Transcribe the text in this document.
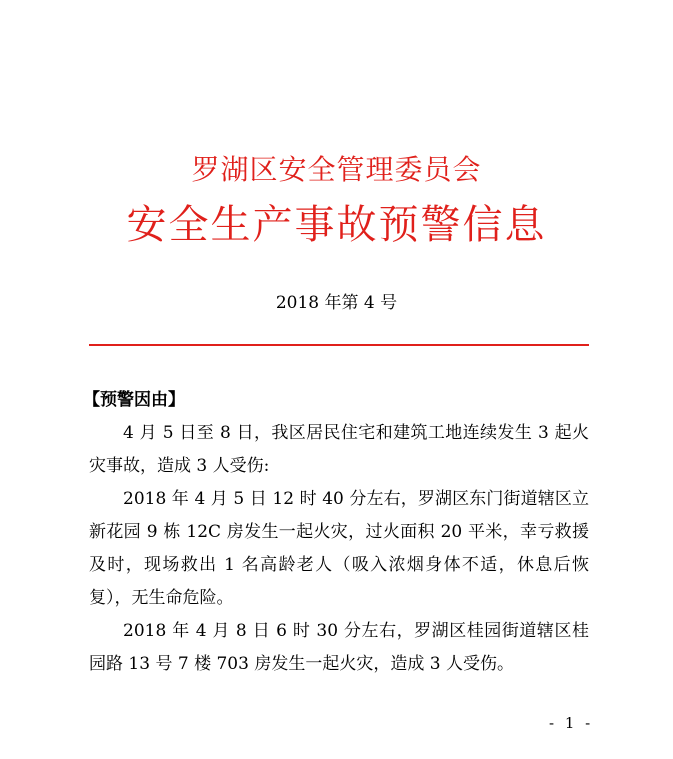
罗湖区安全管理委员会
安全生产事故预警信息
2018 年第 4 号

【预警因由】

4 月 5 日至 8 日，我区居民住宅和建筑工地连续发生 3 起火灾事故，造成 3 人受伤:

2018 年 4 月 5 日 12 时 40 分左右，罗湖区东门街道辖区立新花园 9 栋 12C 房发生一起火灾，过火面积 20 平米，幸亏救援及时，现场救出 1 名高龄老人（吸入浓烟身体不适，休息后恢复），无生命危险。

2018 年 4 月 8 日 6 时 30 分左右，罗湖区桂园街道辖区桂园路 13 号 7 楼 703 房发生一起火灾，造成 3 人受伤。

- 1 -
